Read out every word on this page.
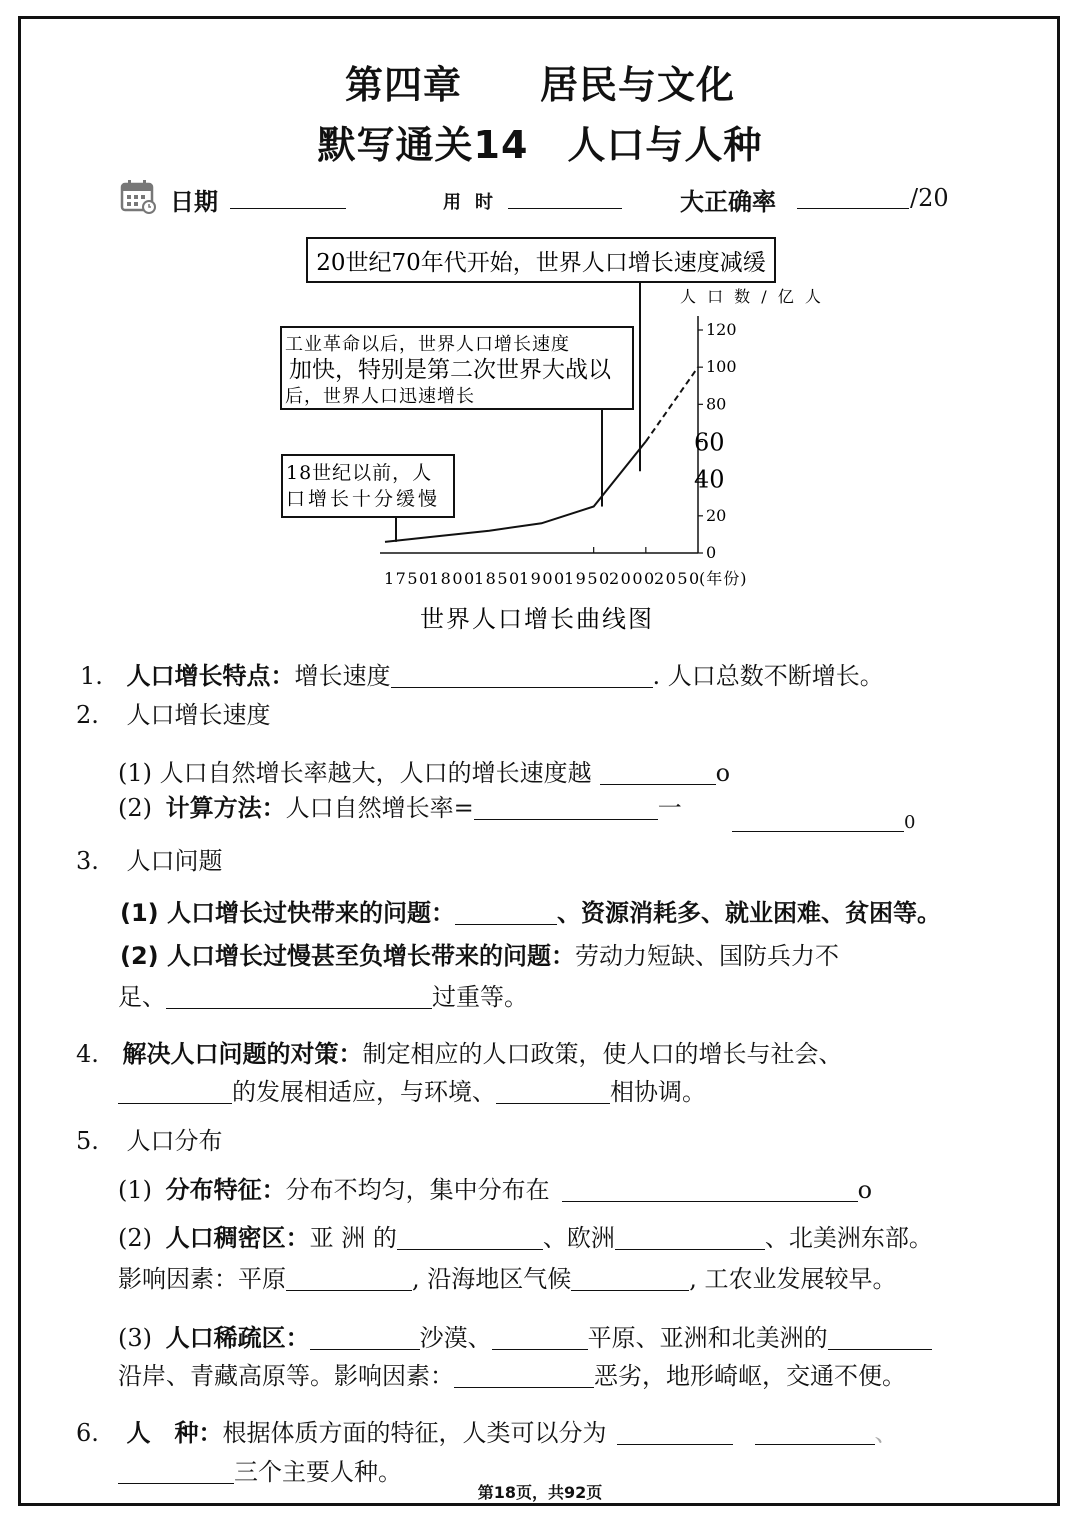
第四章　　居民与文化
默写通关14　人口与人种
日期	用时	大正确率	/20
0
20
40
60
80
100
120
1750
1800
1850
1900
1950
2000
2050
(年份)
20世纪70年代开始，世界人口增长速度减缓
工业革命以后，世界人口增长速度
加快，特别是第二次世界大战以
后，世界人口迅速增长
18世纪以前，人
口增长十分缓慢
人 口 数 / 亿 人
世界人口增长曲线图
1. 人口增长特点：增长速度	. 人口总数不断增长。
2. 人口增长速度
(1) 人口自然增长率越大，人口的增长速度越	o
(2) 计算方法：人口自然增长率=	一
0
3. 人口问题
(1) 人口增长过快带来的问题：	、资源消耗多、就业困难、贫困等。
(2) 人口增长过慢甚至负增长带来的问题：劳动力短缺、国防兵力不
足、	过重等。
4. 解决人口问题的对策：制定相应的人口政策，使人口的增长与社会、
的发展相适应，与环境、	相协调。
5. 人口分布
(1) 分布特征：分布不均匀，集中分布在	o
(2) 人口稠密区：亚 洲 的	、欧洲	、北美洲东部。
影响因素：平原	, 沿海地区气候	, 工农业发展较早。
(3) 人口稀疏区：	沙漠、	平原、亚洲和北美洲的
沿岸、青藏高原等。影响因素：	恶劣，地形崎岖，交通不便。
6. 人　种：根据体质方面的特征，人类可以分为	、
三个主要人种。
第18页，共92页
